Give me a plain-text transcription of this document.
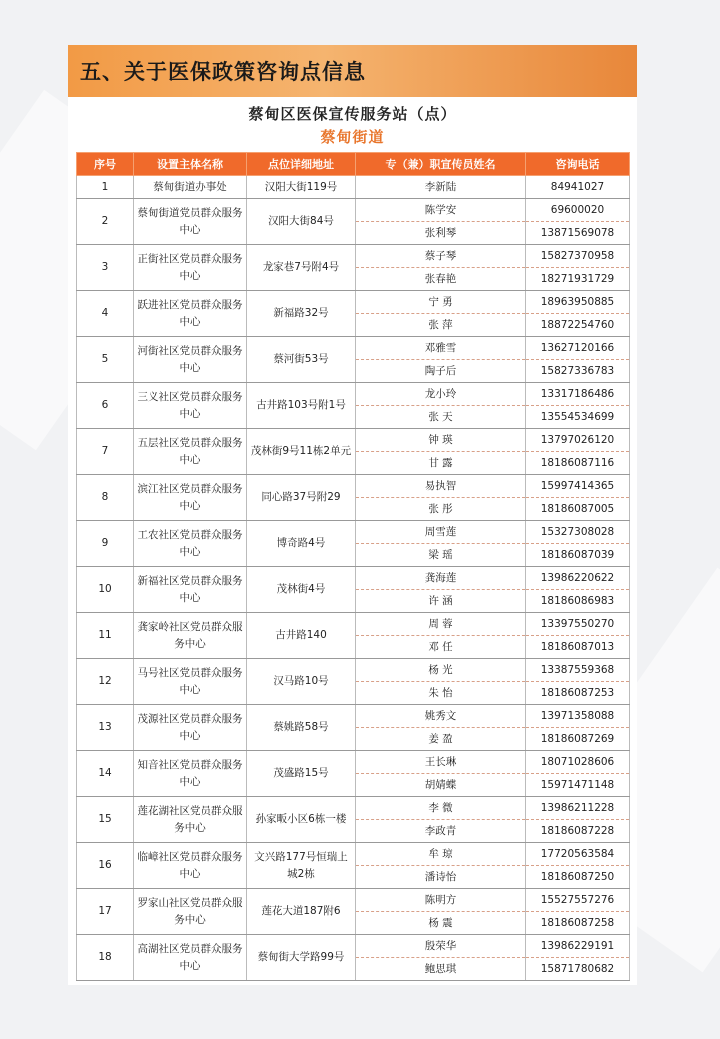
五、关于医保政策咨询点信息
蔡甸区医保宣传服务站（点）
蔡甸街道
序号	设置主体名称	点位详细地址	专（兼）职宣传员姓名	咨询电话
1	蔡甸街道办事处	汉阳大街119号	李新陆	84941027
2	蔡甸街道党员群众服务中心	汉阳大街84号	陈学安	69600020
			张利琴	13871569078
3	正街社区党员群众服务中心	龙家巷7号附4号	蔡子琴	15827370958
			张春艳	18271931729
4	跃进社区党员群众服务中心	新福路32号	宁 勇	18963950885
			张 萍	18872254760
5	河街社区党员群众服务中心	蔡河街53号	邓雅雪	13627120166
			陶子后	15827336783
6	三义社区党员群众服务中心	古井路103号附1号	龙小玲	13317186486
			张 天	13554534699
7	五层社区党员群众服务中心	茂林街9号11栋2单元	钟 瑛	13797026120
			甘 露	18186087116
8	滨江社区党员群众服务中心	同心路37号附29	易执智	15997414365
			张 彤	18186087005
9	工农社区党员群众服务中心	博奇路4号	周雪莲	15327308028
			梁 瑶	18186087039
10	新福社区党员群众服务中心	茂林街4号	龚海莲	13986220622
			许 涵	18186086983
11	龚家岭社区党员群众服务中心	古井路140	周 蓉	13397550270
			邓 任	18186087013
12	马号社区党员群众服务中心	汉马路10号	杨 光	13387559368
			朱 怡	18186087253
13	茂源社区党员群众服务中心	蔡姚路58号	姚秀文	13971358088
			姜 盈	18186087269
14	知音社区党员群众服务中心	茂盛路15号	王长琳	18071028606
			胡婧蝶	15971471148
15	莲花湖社区党员群众服务中心	孙家畈小区6栋一楼	李 微	13986211228
			李政青	18186087228
16	临嶂社区党员群众服务中心	文兴路177号恒瑞上城2栋	牟 琼	17720563584
			潘诗怡	18186087250
17	罗家山社区党员群众服务中心	莲花大道187附6	陈明方	15527557276
			杨 震	18186087258
18	高湖社区党员群众服务中心	蔡甸街大学路99号	殷荣华	13986229191
			鲍思琪	15871780682
